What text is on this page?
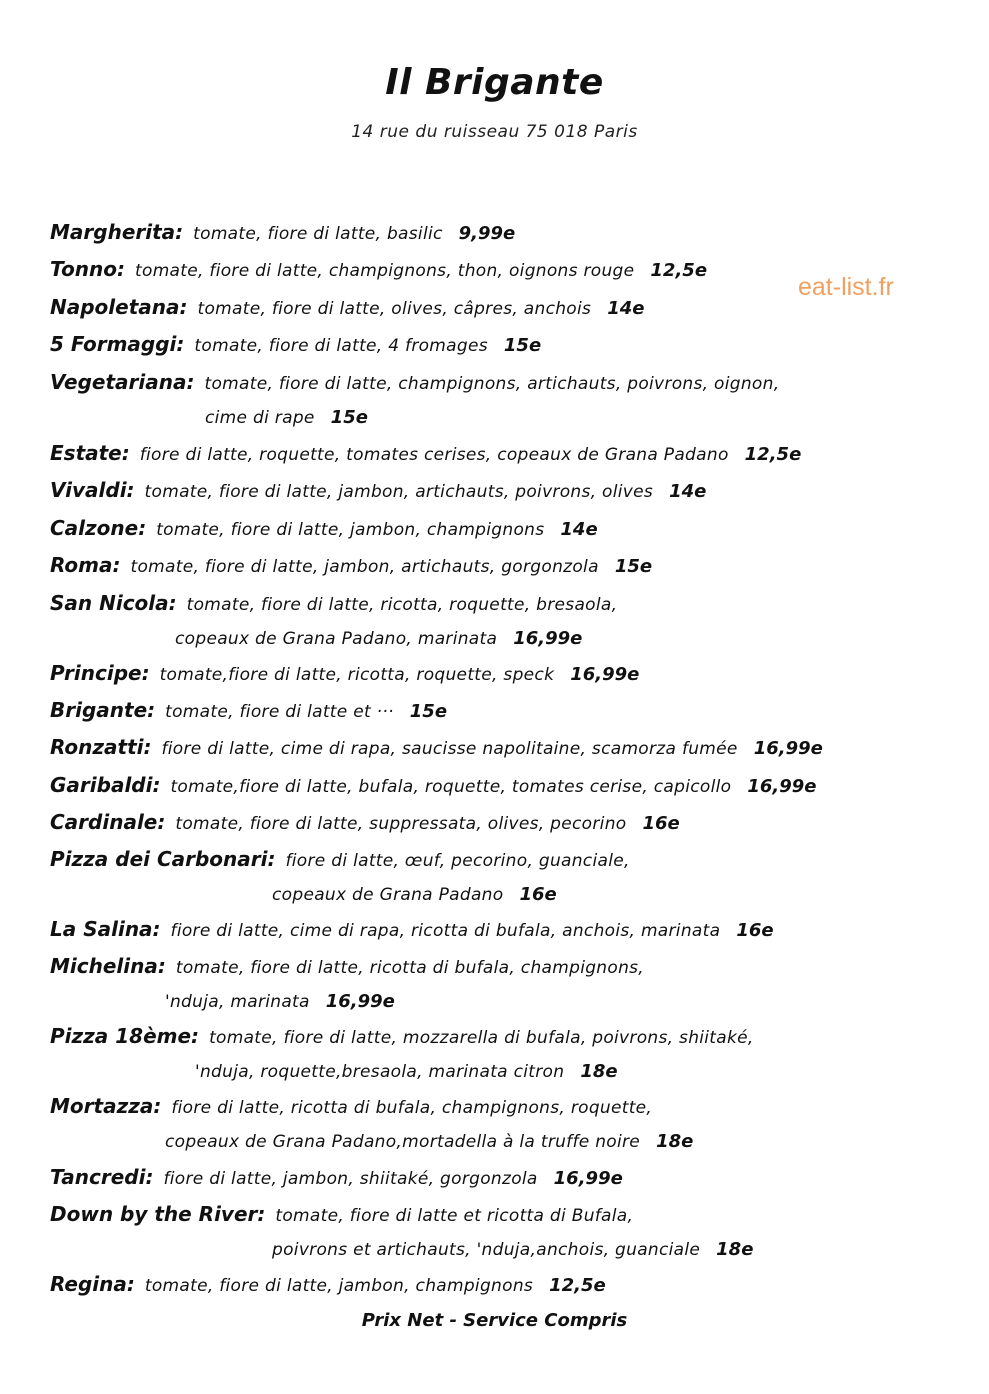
Il Brigante
14 rue du ruisseau 75 018 Paris
eat-list.fr
Margherita: tomate, fiore di latte, basilic 9,99e
Tonno: tomate, fiore di latte, champignons, thon, oignons rouge 12,5e
Napoletana: tomate, fiore di latte, olives, câpres, anchois 14e
5 Formaggi: tomate, fiore di latte, 4 fromages 15e
Vegetariana: tomate, fiore di latte, champignons, artichauts, poivrons, oignon,
cime di rape 15e
Estate: fiore di latte, roquette, tomates cerises, copeaux de Grana Padano 12,5e
Vivaldi: tomate, fiore di latte, jambon, artichauts, poivrons, olives 14e
Calzone: tomate, fiore di latte, jambon, champignons 14e
Roma: tomate, fiore di latte, jambon, artichauts, gorgonzola 15e
San Nicola: tomate, fiore di latte, ricotta, roquette, bresaola,
copeaux de Grana Padano, marinata 16,99e
Principe: tomate,fiore di latte, ricotta, roquette, speck 16,99e
Brigante: tomate, fiore di latte et ··· 15e
Ronzatti: fiore di latte, cime di rapa, saucisse napolitaine, scamorza fumée 16,99e
Garibaldi: tomate,fiore di latte, bufala, roquette, tomates cerise, capicollo 16,99e
Cardinale: tomate, fiore di latte, suppressata, olives, pecorino 16e
Pizza dei Carbonari: fiore di latte, œuf, pecorino, guanciale,
copeaux de Grana Padano 16e
La Salina: fiore di latte, cime di rapa, ricotta di bufala, anchois, marinata 16e
Michelina: tomate, fiore di latte, ricotta di bufala, champignons,
'nduja, marinata 16,99e
Pizza 18ème: tomate, fiore di latte, mozzarella di bufala, poivrons, shiitaké,
'nduja, roquette,bresaola, marinata citron 18e
Mortazza: fiore di latte, ricotta di bufala, champignons, roquette,
copeaux de Grana Padano,mortadella à la truffe noire 18e
Tancredi: fiore di latte, jambon, shiitaké, gorgonzola 16,99e
Down by the River: tomate, fiore di latte et ricotta di Bufala,
poivrons et artichauts, 'nduja,anchois, guanciale 18e
Regina: tomate, fiore di latte, jambon, champignons 12,5e
Prix Net - Service Compris
